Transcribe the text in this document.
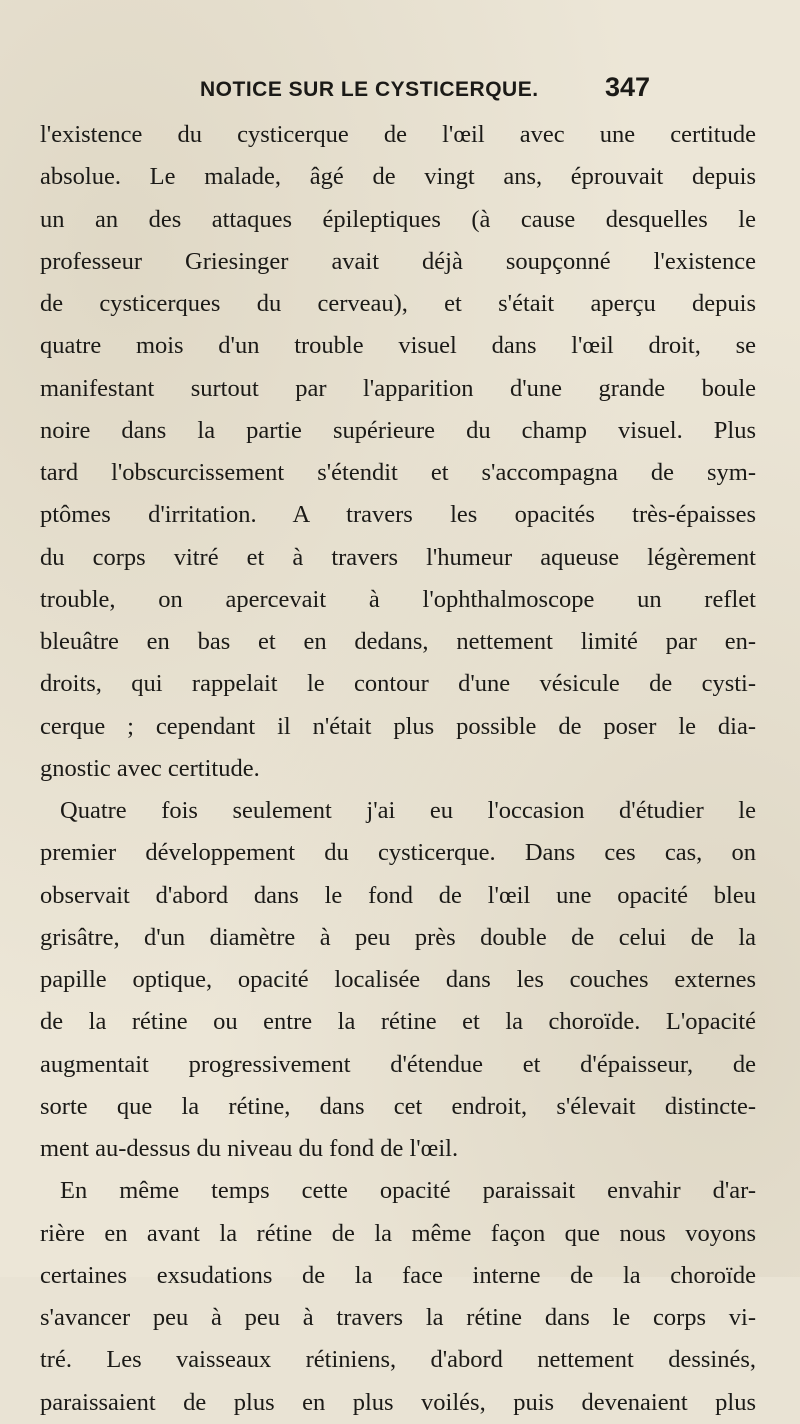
NOTICE SUR LE CYSTICERQUE. 347
l'existence du cysticerque de l'œil avec une certitude
absolue. Le malade, âgé de vingt ans, éprouvait depuis
un an des attaques épileptiques (à cause desquelles le
professeur Griesinger avait déjà soupçonné l'existence
de cysticerques du cerveau), et s'était aperçu depuis
quatre mois d'un trouble visuel dans l'œil droit, se
manifestant surtout par l'apparition d'une grande boule
noire dans la partie supérieure du champ visuel. Plus
tard l'obscurcissement s'étendit et s'accompagna de sym-
ptômes d'irritation. A travers les opacités très-épaisses
du corps vitré et à travers l'humeur aqueuse légèrement
trouble, on apercevait à l'ophthalmoscope un reflet
bleuâtre en bas et en dedans, nettement limité par en-
droits, qui rappelait le contour d'une vésicule de cysti-
cerque ; cependant il n'était plus possible de poser le dia-
gnostic avec certitude.
Quatre fois seulement j'ai eu l'occasion d'étudier le
premier développement du cysticerque. Dans ces cas, on
observait d'abord dans le fond de l'œil une opacité bleu
grisâtre, d'un diamètre à peu près double de celui de la
papille optique, opacité localisée dans les couches externes
de la rétine ou entre la rétine et la choroïde. L'opacité
augmentait progressivement d'étendue et d'épaisseur, de
sorte que la rétine, dans cet endroit, s'élevait distincte-
ment au-dessus du niveau du fond de l'œil.
En même temps cette opacité paraissait envahir d'ar-
rière en avant la rétine de la même façon que nous voyons
certaines exsudations de la face interne de la choroïde
s'avancer peu à peu à travers la rétine dans le corps vi-
tré. Les vaisseaux rétiniens, d'abord nettement dessinés,
paraissaient de plus en plus voilés, puis devenaient plus
